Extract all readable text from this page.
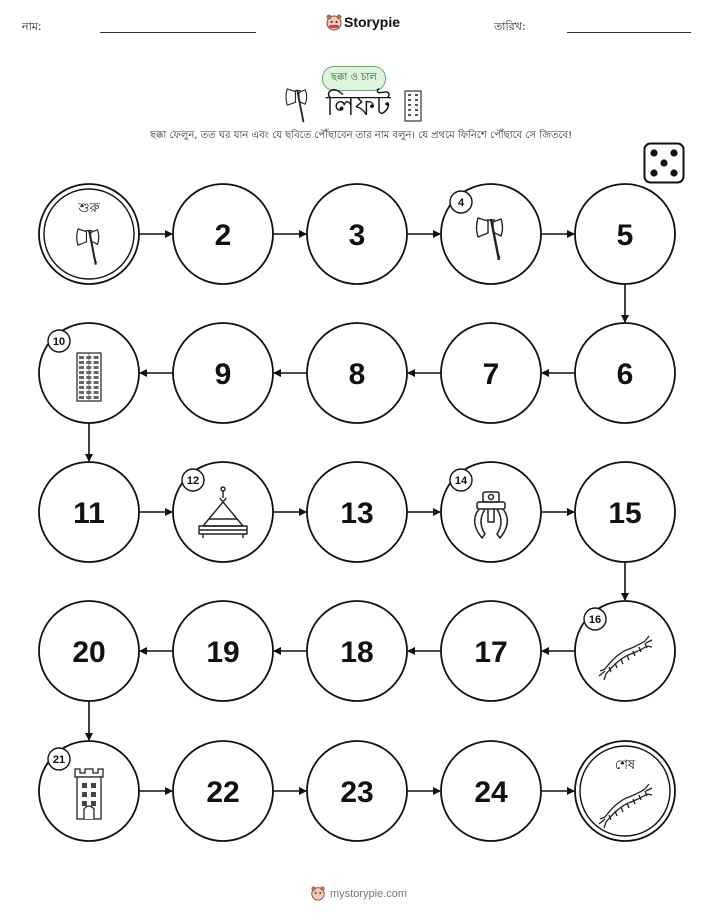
নাম:	Storypie	তারিখ:
ছক্কা ও চাল
লিফট
ছক্কা ফেলুন, তত ঘর যান এবং যে ছবিতে পৌঁছাবেন তার নাম বলুন। যে প্রথমে ফিনিশে পৌঁছাবে সে জিতবে!
শুরু
2	3
4
5
6
7
8
9
10
11
12
13
14
15
16
17
18
19
20
21
22	23	24
শেষ
mystorypie.com
